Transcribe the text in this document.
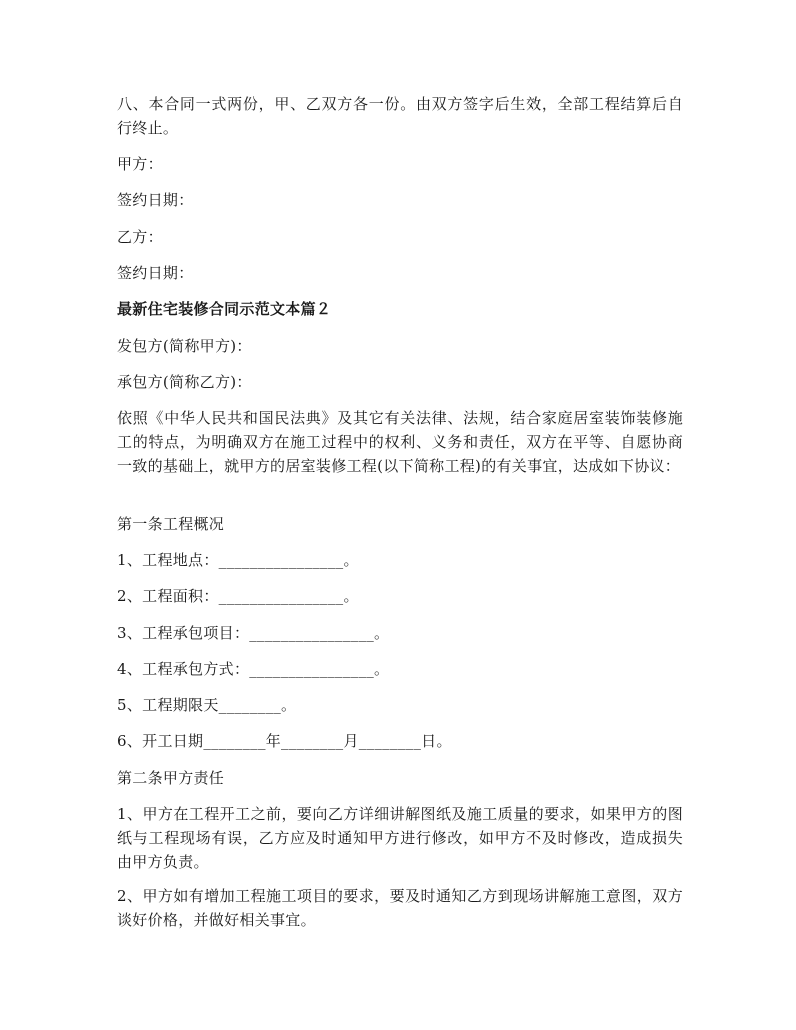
八、本合同一式两份，甲、乙双方各一份。由双方签字后生效，全部工程结算后自行终止。

甲方：

签约日期：

乙方：

签约日期：

最新住宅装修合同示范文本篇２

发包方(简称甲方)：

承包方(简称乙方)：

依照《中华人民共和国民法典》及其它有关法律、法规，结合家庭居室装饰装修施工的特点，为明确双方在施工过程中的权利、义务和责任，双方在平等、自愿协商一致的基础上，就甲方的居室装修工程(以下简称工程)的有关事宜，达成如下协议：

第一条工程概况

1、工程地点：________________。

2、工程面积：________________。

3、工程承包项目：________________。

4、工程承包方式：________________。

5、工程期限天________。

6、开工日期________年________月________日。

第二条甲方责任

1、甲方在工程开工之前，要向乙方详细讲解图纸及施工质量的要求，如果甲方的图纸与工程现场有误，乙方应及时通知甲方进行修改，如甲方不及时修改，造成损失由甲方负责。

2、甲方如有增加工程施工项目的要求，要及时通知乙方到现场讲解施工意图，双方谈好价格，并做好相关事宜。
